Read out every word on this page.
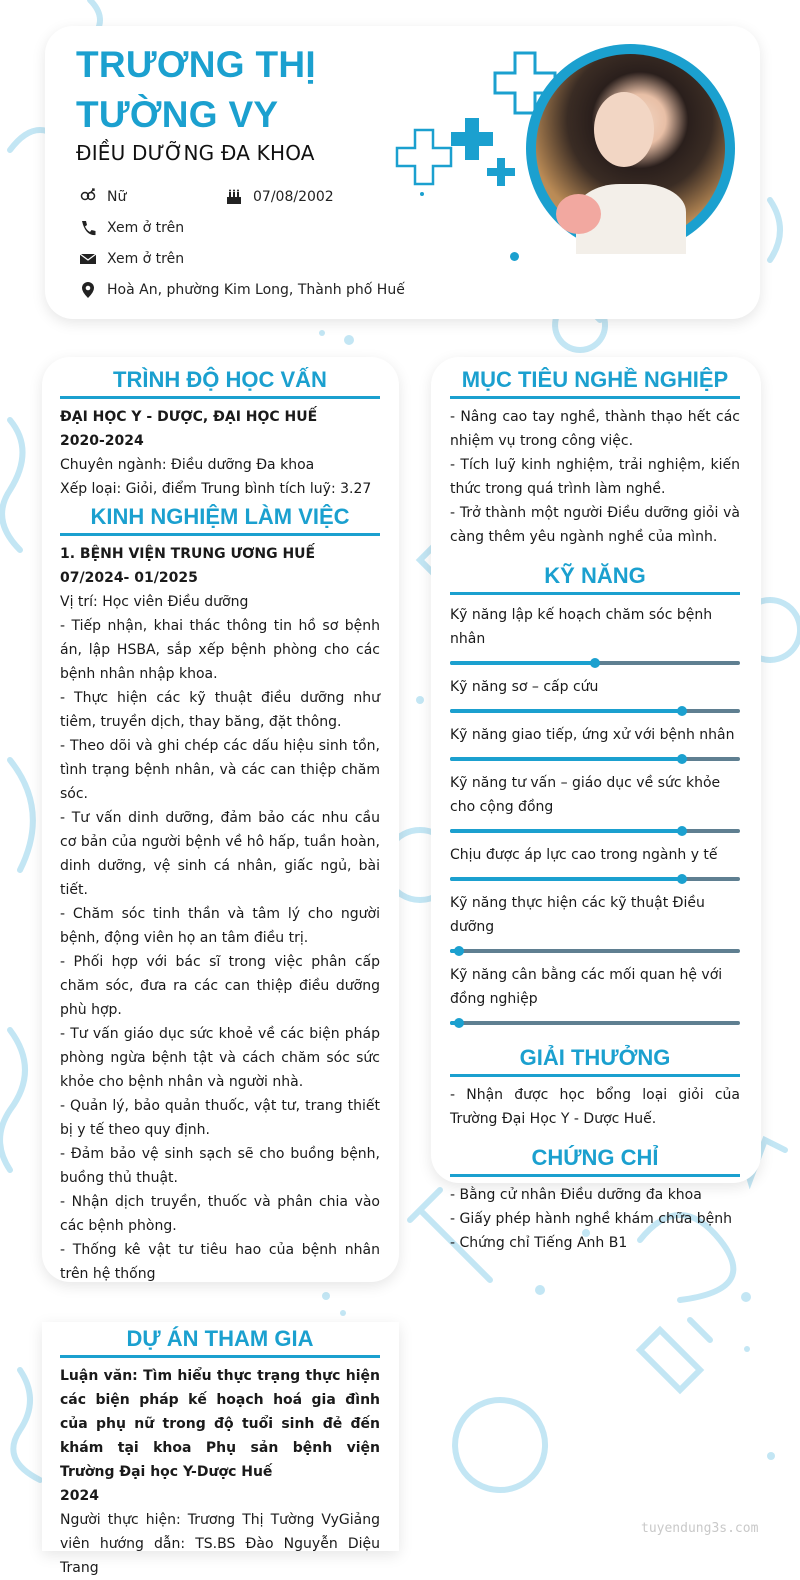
TRƯƠNG THỊ
TƯỜNG VY
ĐIỀU DƯỠNG ĐA KHOA
Nữ	07/08/2002
Xem ở trên
Xem ở trên
Hoà An, phường Kim Long, Thành phố Huế
TRÌNH ĐỘ HỌC VẤN
ĐẠI HỌC Y - DƯỢC, ĐẠI HỌC HUẾ
2020-2024
Chuyên ngành: Điều dưỡng Đa khoa
Xếp loại: Giỏi, điểm Trung bình tích luỹ: 3.27
KINH NGHIỆM LÀM VIỆC
1. BỆNH VIỆN TRUNG ƯƠNG HUẾ
07/2024- 01/2025
Vị trí: Học viên Điều dưỡng
- Tiếp nhận, khai thác thông tin hồ sơ bệnh án, lập HSBA, sắp xếp bệnh phòng cho các bệnh nhân nhập khoa.
- Thực hiện các kỹ thuật điều dưỡng như tiêm, truyền dịch, thay băng, đặt thông.
- Theo dõi và ghi chép các dấu hiệu sinh tồn, tình trạng bệnh nhân, và các can thiệp chăm sóc.
- Tư vấn dinh dưỡng, đảm bảo các nhu cầu cơ bản của người bệnh về hô hấp, tuần hoàn, dinh dưỡng, vệ sinh cá nhân, giấc ngủ, bài tiết.
- Chăm sóc tinh thần và tâm lý cho người bệnh, động viên họ an tâm điều trị.
- Phối hợp với bác sĩ trong việc phân cấp chăm sóc, đưa ra các can thiệp điều dưỡng phù hợp.
- Tư vấn giáo dục sức khoẻ về các biện pháp phòng ngừa bệnh tật và cách chăm sóc sức khỏe cho bệnh nhân và người nhà.
- Quản lý, bảo quản thuốc, vật tư, trang thiết bị y tế theo quy định.
- Đảm bảo vệ sinh sạch sẽ cho buồng bệnh, buồng thủ thuật.
- Nhận dịch truyền, thuốc và phân chia vào các bệnh phòng.
- Thống kê vật tư tiêu hao của bệnh nhân trên hệ thống
MỤC TIÊU NGHỀ NGHIỆP
- Nâng cao tay nghề, thành thạo hết các nhiệm vụ trong công việc.
- Tích luỹ kinh nghiệm, trải nghiệm, kiến thức trong quá trình làm nghề.
- Trở thành một người Điều dưỡng giỏi và càng thêm yêu ngành nghề của mình.
KỸ NĂNG
Kỹ năng lập kế hoạch chăm sóc bệnh nhân
Kỹ năng sơ – cấp cứu
Kỹ năng giao tiếp, ứng xử với bệnh nhân
Kỹ năng tư vấn – giáo dục về sức khỏe cho cộng đồng
Chịu được áp lực cao trong ngành y tế
Kỹ năng thực hiện các kỹ thuật Điều dưỡng
Kỹ năng cân bằng các mối quan hệ với đồng nghiệp
GIẢI THƯỞNG
- Nhận được học bổng loại giỏi của Trường Đại Học Y - Dược Huế.
CHỨNG CHỈ
- Bằng cử nhân Điều dưỡng đa khoa
- Giấy phép hành nghề khám chữa bệnh
- Chứng chỉ Tiếng Anh B1
DỰ ÁN THAM GIA
Luận văn: Tìm hiểu thực trạng thực hiện các biện pháp kế hoạch hoá gia đình của phụ nữ trong độ tuổi sinh đẻ đến khám tại khoa Phụ sản bệnh viện Trường Đại học Y-Dược Huế
2024
Người thực hiện: Trương Thị Tường VyGiảng viên hướng dẫn: TS.BS Đào Nguyễn Diệu Trang
tuyendung3s.com
